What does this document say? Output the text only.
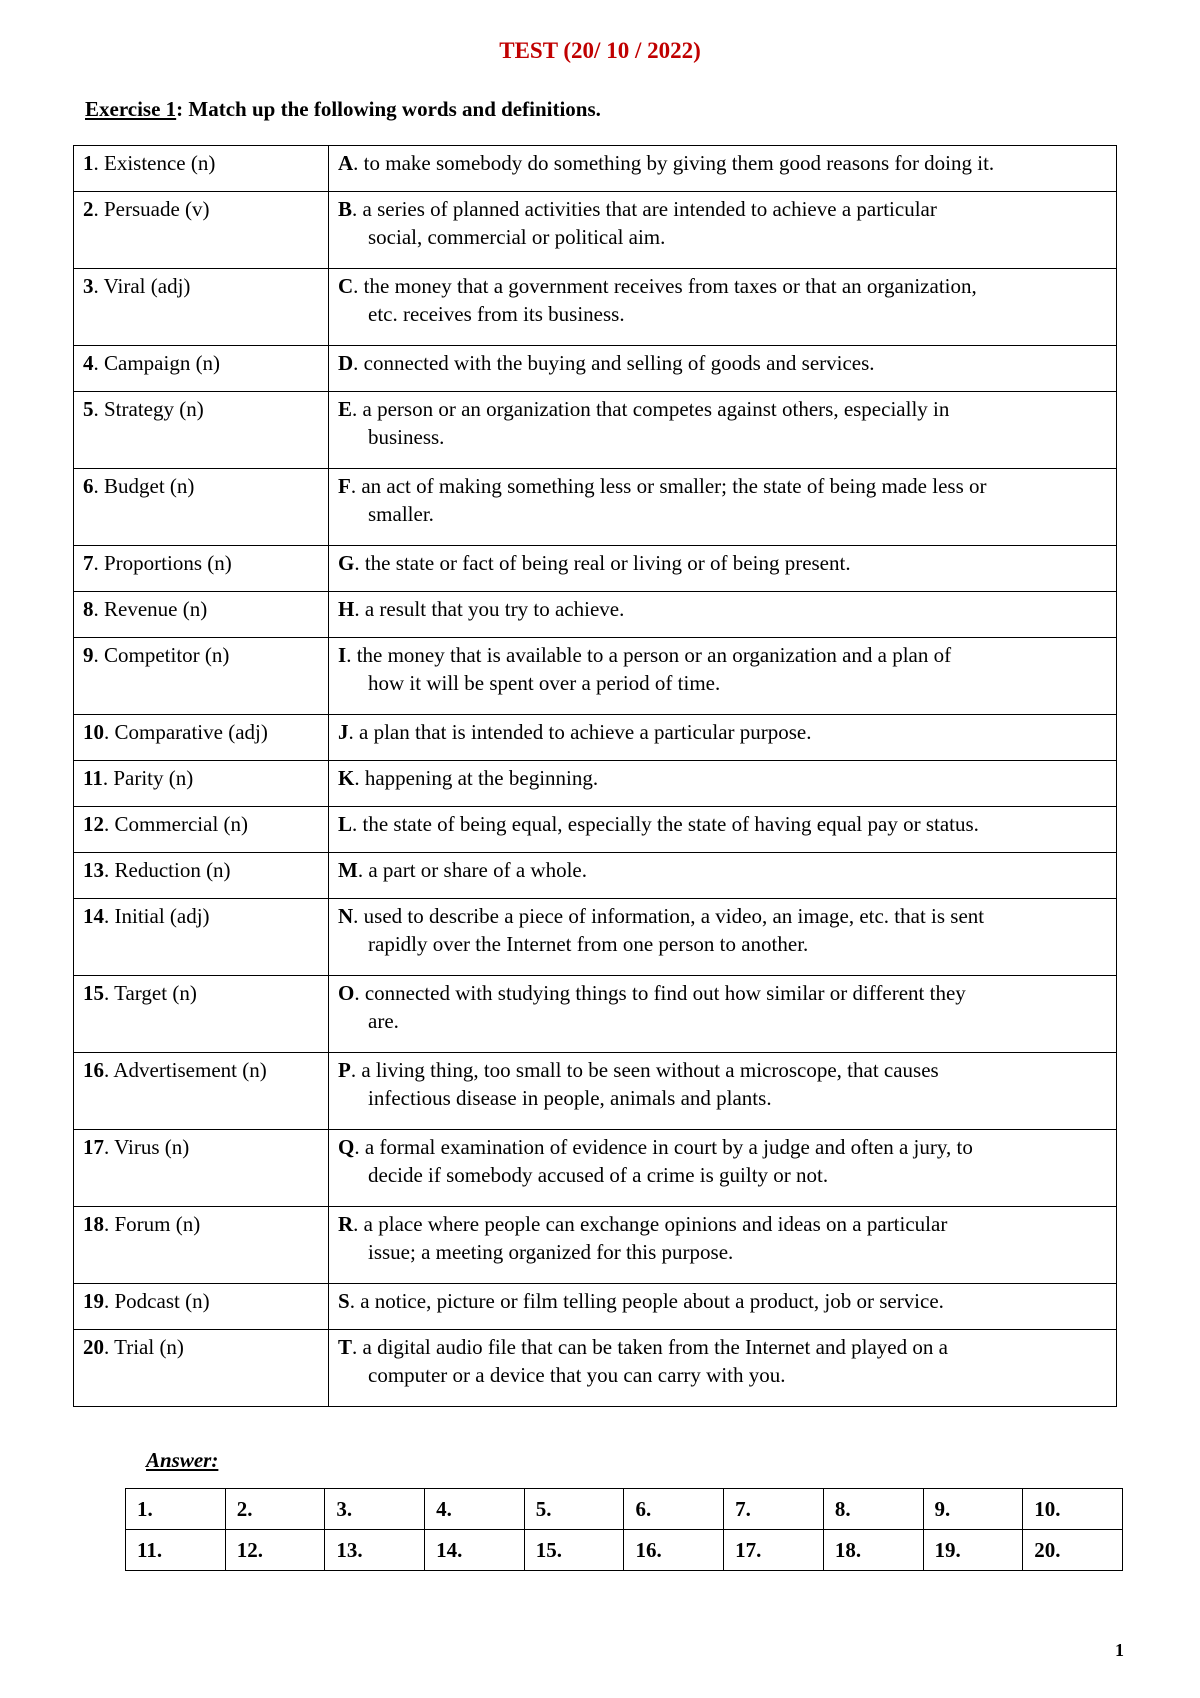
TEST (20/ 10 / 2022)
Exercise 1: Match up the following words and definitions.
1. Existence (n)	A. to make somebody do something by giving them good reasons for doing it.

2. Persuade (v)	B. a series of planned activities that are intended to achieve a particular
social, commercial or political aim.

3. Viral (adj)	C. the money that a government receives from taxes or that an organization,
etc. receives from its business.

4. Campaign (n)	D. connected with the buying and selling of goods and services.

5. Strategy (n)	E. a person or an organization that competes against others, especially in
business.

6. Budget (n)	F. an act of making something less or smaller; the state of being made less or
smaller.

7. Proportions (n)	G. the state or fact of being real or living or of being present.

8. Revenue (n)	H. a result that you try to achieve.

9. Competitor (n)	I. the money that is available to a person or an organization and a plan of
how it will be spent over a period of time.

10. Comparative (adj)	J. a plan that is intended to achieve a particular purpose.

11. Parity (n)	K. happening at the beginning.

12. Commercial (n)	L. the state of being equal, especially the state of having equal pay or status.

13. Reduction (n)	M. a part or share of a whole.

14. Initial (adj)	N. used to describe a piece of information, a video, an image, etc. that is sent
rapidly over the Internet from one person to another.

15. Target (n)	O. connected with studying things to find out how similar or different they
are.

16. Advertisement (n)	P. a living thing, too small to be seen without a microscope, that causes
infectious disease in people, animals and plants.

17. Virus (n)	Q. a formal examination of evidence in court by a judge and often a jury, to
decide if somebody accused of a crime is guilty or not.

18. Forum (n)	R. a place where people can exchange opinions and ideas on a particular
issue; a meeting organized for this purpose.

19. Podcast (n)	S. a notice, picture or film telling people about a product, job or service.

20. Trial (n)	T. a digital audio file that can be taken from the Internet and played on a
computer or a device that you can carry with you.
Answer:
1.	2.	3.	4.	5.	6.	7.	8.	9.	10.
11.	12.	13.	14.	15.	16.	17.	18.	19.	20.
1
